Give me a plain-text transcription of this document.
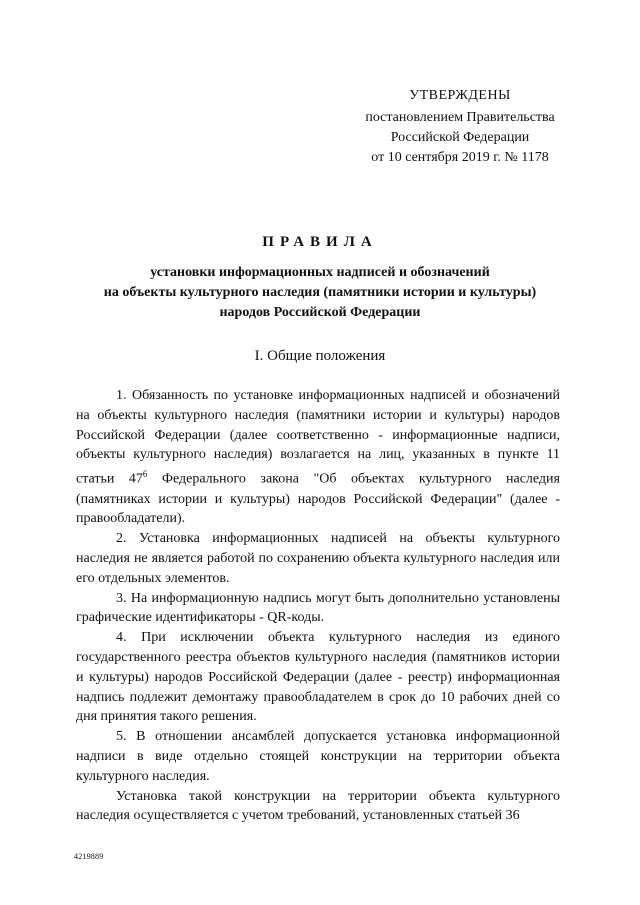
УТВЕРЖДЕНЫ
постановлением Правительства
Российской Федерации
от 10 сентября 2019 г. № 1178
ПРАВИЛА
установки информационных надписей и обозначений
на объекты культурного наследия (памятники истории и культуры)
народов Российской Федерации
I. Общие положения

1. Обязанность по установке информационных надписей и обозначений на объекты культурного наследия (памятники истории и культуры) народов Российской Федерации (далее соответственно - информационные надписи, объекты культурного наследия) возлагается на лиц, указанных в пункте 11 статьи $47^6$ Федерального закона "Об объектах культурного наследия (памятниках истории и культуры) народов Российской Федерации" (далее - правообладатели).

2. Установка информационных надписей на объекты культурного наследия не является работой по сохранению объекта культурного наследия или его отдельных элементов.

3. На информационную надпись могут быть дополнительно установлены графические идентификаторы - QR-коды.

4. При исключении объекта культурного наследия из единого государственного реестра объектов культурного наследия (памятников истории и культуры) народов Российской Федерации (далее - реестр) информационная надпись подлежит демонтажу правообладателем в срок до 10 рабочих дней со дня принятия такого решения.

5. В отношении ансамблей допускается установка информационной надписи в виде отдельно стоящей конструкции на территории объекта культурного наследия.

Установка такой конструкции на территории объекта культурного наследия осуществляется с учетом требований, установленных статьей 36

4219889
